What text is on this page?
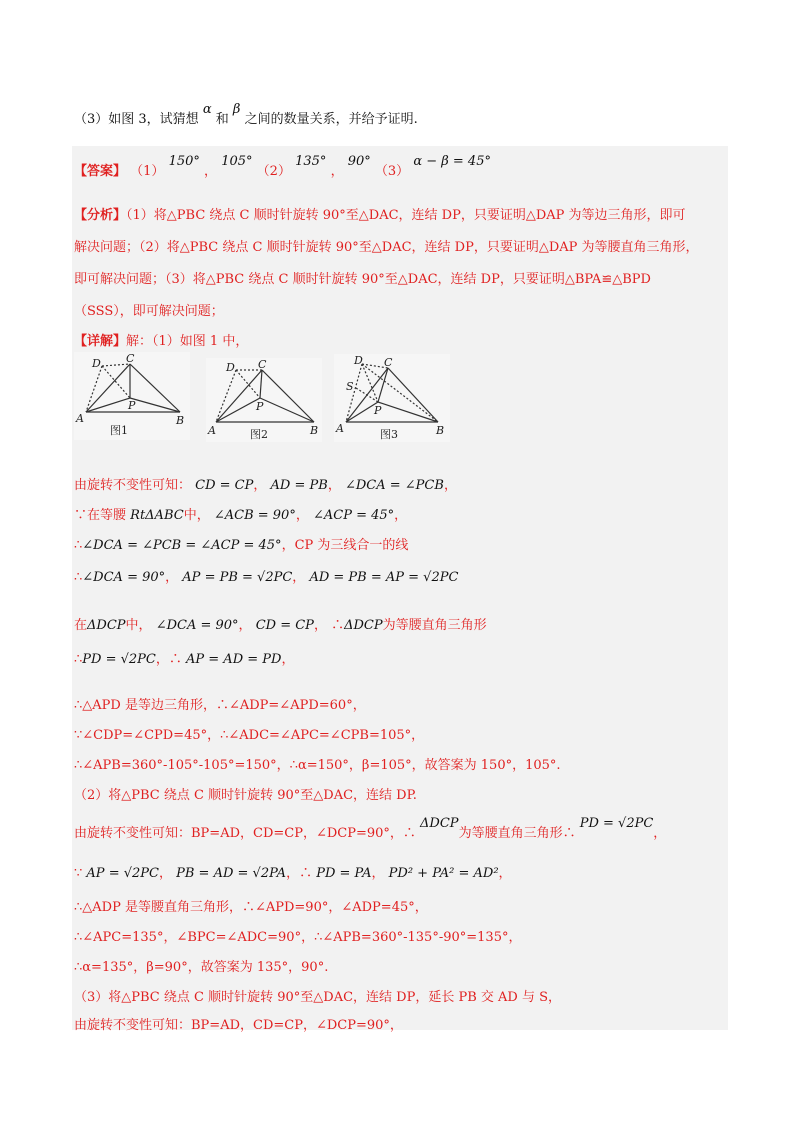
（3）如图 3，试猜想 α 和 β 之间的数量关系，并给予证明.
【答案】 （1） 150° ， 105° （2） 135° ， 90° （3） α − β = 45°
【分析】（1）将△PBC 绕点 C 顺时针旋转 90°至△DAC，连结 DP，只要证明△DAP 为等边三角形，即可
解决问题；（2）将△PBC 绕点 C 顺时针旋转 90°至△DAC，连结 DP，只要证明△DAP 为等腰直角三角形，
即可解决问题；（3）将△PBC 绕点 C 顺时针旋转 90°至△DAC，连结 DP，只要证明△BPA≌△BPD
（SSS），即可解决问题；
【详解】解：（1）如图 1 中，
C
D
P
A	B
图1
C
D
P
A	B
图2
C
D
S
P
A	B
图3
由旋转不变性可知： CD = CP， AD = PB， ∠DCA = ∠PCB，
∵在等腰 RtΔABC中， ∠ACB = 90°， ∠ACP = 45°，
∴∠DCA = ∠PCB = ∠ACP = 45°，CP 为三线合一的线
∴∠DCA = 90°， AP = PB = √2PC， AD = PB = AP = √2PC
在ΔDCP中， ∠DCA = 90°， CD = CP， ∴ΔDCP为等腰直角三角形
∴PD = √2PC，∴ AP = AD = PD，
∴△APD 是等边三角形，∴∠ADP=∠APD=60°，
∵∠CDP=∠CPD=45°，∴∠ADC=∠APC=∠CPB=105°，
∴∠APB=360°-105°-105°=150°，∴α=150°，β=105°，故答案为 150°，105°.
（2）将△PBC 绕点 C 顺时针旋转 90°至△DAC，连结 DP.
由旋转不变性可知：BP=AD，CD=CP，∠DCP=90°，∴ ΔDCP为等腰直角三角形∴ PD = √2PC，
∵ AP = √2PC， PB = AD = √2PA，∴ PD = PA， PD² + PA² = AD²，
∴△ADP 是等腰直角三角形，∴∠APD=90°，∠ADP=45°，
∴∠APC=135°，∠BPC=∠ADC=90°，∴∠APB=360°-135°-90°=135°，
∴α=135°，β=90°，故答案为 135°，90°.
（3）将△PBC 绕点 C 顺时针旋转 90°至△DAC，连结 DP，延长 PB 交 AD 与 S，
由旋转不变性可知：BP=AD，CD=CP，∠DCP=90°，
